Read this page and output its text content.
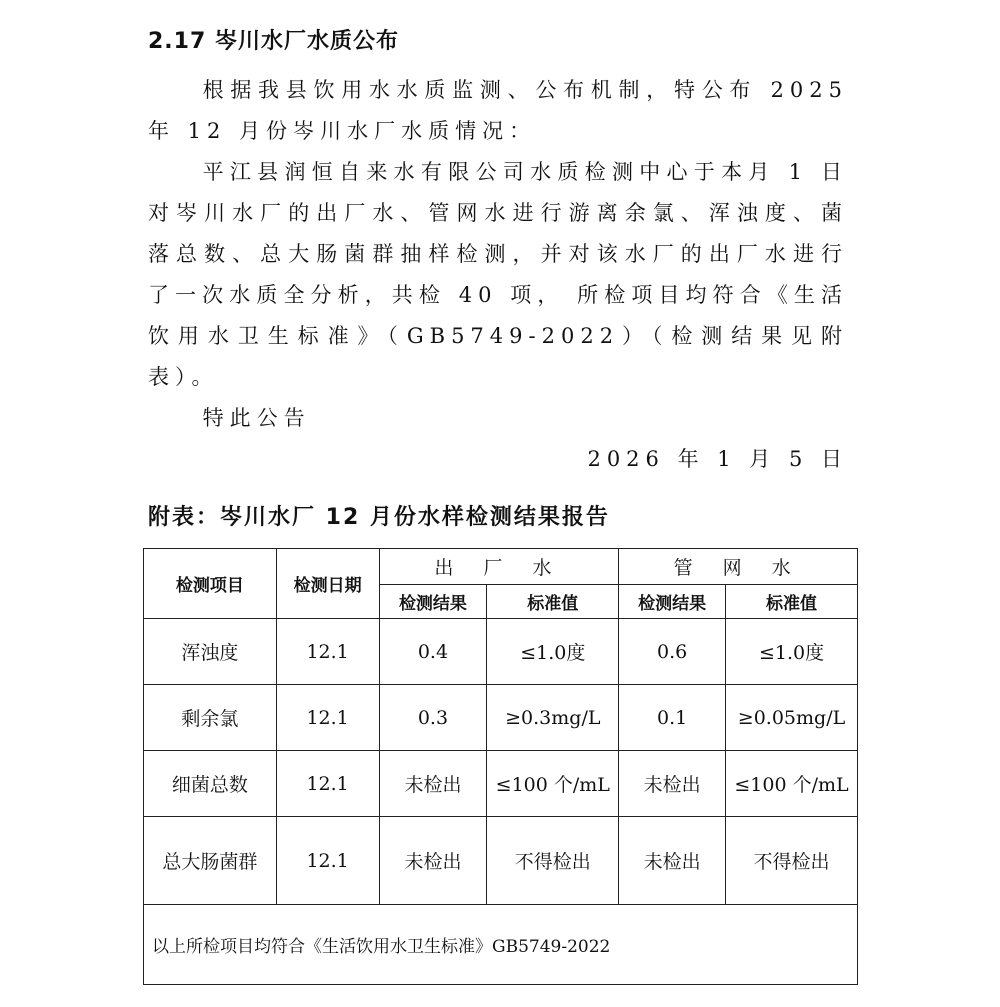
2.17 岑川水厂水质公布

根据我县饮用水水质监测、公布机制，特公布 2025 年 12 月份岑川水厂水质情况：

平江县润恒自来水有限公司水质检测中心于本月 1 日对岑川水厂的出厂水、管网水进行游离余氯、浑浊度、菌落总数、总大肠菌群抽样检测，并对该水厂的出厂水进行了一次水质全分析，共检 40 项， 所检项目均符合《生活饮用水卫生标准》（GB5749-2022）（检测结果见附表）。

特此公告

2026 年 1 月 5 日

附表：岑川水厂 12 月份水样检测结果报告
检测项目	检测日期	出 厂 水		管 网 水	
		检测结果	标准值	检测结果	标准值
浑浊度	12.1	0.4	≤1.0度	0.6	≤1.0度
剩余氯	12.1	0.3	≥0.3mg/L	0.1	≥0.05mg/L
细菌总数	12.1	未检出	≤100 个/mL	未检出	≤100 个/mL
总大肠菌群	12.1	未检出	不得检出	未检出	不得检出
以上所检项目均符合《生活饮用水卫生标准》GB5749-2022					
